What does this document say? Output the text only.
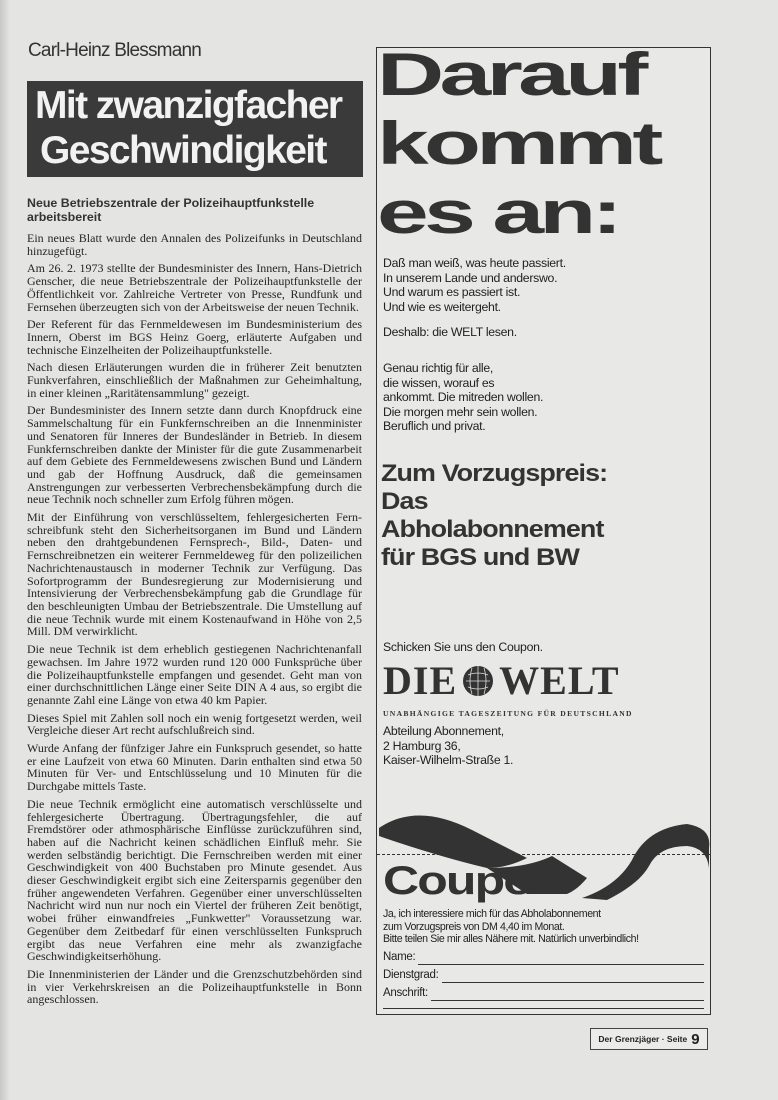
Carl-Heinz Blessmann
Mit zwanzigfacher
Geschwindigkeit
Neue Betriebszentrale der Polizeihauptfunkstelle arbeitsbereit

Ein neues Blatt wurde den Annalen des Polizeifunks in Deutschland hinzugefügt.

Am 26. 2. 1973 stellte der Bundesminister des Innern, Hans-Dietrich Genscher, die neue Betriebszentrale der Polizeihauptfunkstelle der Öffentlichkeit vor. Zahlreiche Vertreter von Presse, Rundfunk und Fernsehen überzeugten sich von der Arbeitsweise der neuen Technik.

Der Referent für das Fernmeldewesen im Bundesministerium des Innern, Oberst im BGS Heinz Goerg, erläuterte Aufgaben und technische Einzelheiten der Polizeihauptfunkstelle.

Nach diesen Erläuterungen wurden die in früherer Zeit benutzten Funkverfahren, einschließlich der Maßnahmen zur Geheimhaltung, in einer kleinen „Raritätensammlung" gezeigt.

Der Bundesminister des Innern setzte dann durch Knopfdruck eine Sammelschaltung für ein Funkfernschreiben an die Innenminister und Senatoren für Inneres der Bundesländer in Betrieb. In diesem Funkfernschreiben dankte der Minister für die gute Zusammenarbeit auf dem Gebiete des Fernmeldewesens zwischen Bund und Ländern und gab der Hoffnung Ausdruck, daß die gemeinsamen Anstrengungen zur verbesserten Verbrechensbekämpfung durch die neue Technik noch schneller zum Erfolg führen mögen.

Mit der Einführung von verschlüsseltem, fehlergesicherten Fernschreibfunk steht den Sicherheitsorganen im Bund und Ländern neben den drahtgebundenen Fernsprech-, Bild-, Daten- und Fernschreibnetzen ein weiterer Fernmeldeweg für den polizeilichen Nachrichtenaustausch in moderner Technik zur Verfügung. Das Sofortprogramm der Bundesregierung zur Modernisierung und Intensivierung der Verbrechensbekämpfung gab die Grundlage für den beschleunigten Umbau der Betriebszentrale. Die Umstellung auf die neue Technik wurde mit einem Kostenaufwand in Höhe von 2,5 Mill. DM verwirklicht.

Die neue Technik ist dem erheblich gestiegenen Nachrichtenanfall gewachsen. Im Jahre 1972 wurden rund 120 000 Funksprüche über die Polizeihauptfunkstelle empfangen und gesendet. Geht man von einer durchschnittlichen Länge einer Seite DIN A 4 aus, so ergibt die genannte Zahl eine Länge von etwa 40 km Papier.

Dieses Spiel mit Zahlen soll noch ein wenig fortgesetzt werden, weil Vergleiche dieser Art recht aufschlußreich sind.

Wurde Anfang der fünfziger Jahre ein Funkspruch gesendet, so hatte er eine Laufzeit von etwa 60 Minuten. Darin enthalten sind etwa 50 Minuten für Ver- und Entschlüsselung und 10 Minuten für die Durchgabe mittels Taste.

Die neue Technik ermöglicht eine automatisch verschlüsselte und fehlergesicherte Übertragung. Übertragungsfehler, die auf Fremdstörer oder athmosphärische Einflüsse zurückzuführen sind, haben auf die Nachricht keinen schädlichen Einfluß mehr. Sie werden selbständig berichtigt. Die Fernschreiben werden mit einer Geschwindigkeit von 400 Buchstaben pro Minute gesendet. Aus dieser Geschwindigkeit ergibt sich eine Zeitersparnis gegenüber den früher angewendeten Verfahren. Gegenüber einer unverschlüsselten Nachricht wird nun nur noch ein Viertel der früheren Zeit benötigt, wobei früher einwandfreies „Funkwetter" Voraussetzung war. Gegenüber dem Zeitbedarf für einen verschlüsselten Funkspruch ergibt das neue Verfahren eine mehr als zwanzigfache Geschwindigkeitserhöhung.

Die Innenministerien der Länder und die Grenzschutzbehörden sind in vier Verkehrskreisen an die Polizeihauptfunkstelle in Bonn angeschlossen.

Darauf
kommt
es an:
Daß man weiß, was heute passiert.
In unserem Lande und anderswo.
Und warum es passiert ist.
Und wie es weitergeht.
Deshalb: die WELT lesen.
Genau richtig für alle,
die wissen, worauf es
ankommt. Die mitreden wollen.
Die morgen mehr sein wollen.
Beruflich und privat.
Zum Vorzugspreis:
Das
Abholabonnement
für BGS und BW
Schicken Sie uns den Coupon.
DIE WELT
UNABHÄNGIGE TAGESZEITUNG FÜR DEUTSCHLAND
Abteilung Abonnement,
2 Hamburg 36,
Kaiser-Wilhelm-Straße 1.
Coupon
Ja, ich interessiere mich für das Abholabonnement
zum Vorzugspreis von DM 4,40 im Monat.
Bitte teilen Sie mir alles Nähere mit. Natürlich unverbindlich!
Name:
Dienstgrad:
Anschrift:
Der Grenzjäger · Seite 9
